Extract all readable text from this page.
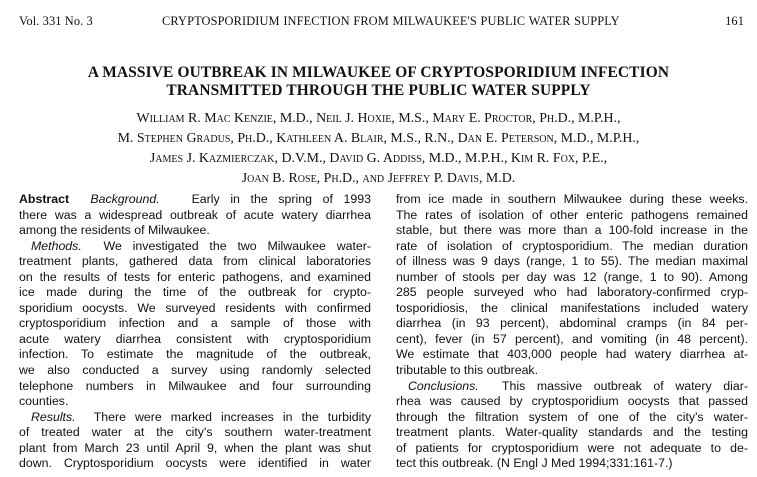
Vol. 331 No. 3	CRYPTOSPORIDIUM INFECTION FROM MILWAUKEE'S PUBLIC WATER SUPPLY	161
A MASSIVE OUTBREAK IN MILWAUKEE OF CRYPTOSPORIDIUM INFECTION
TRANSMITTED THROUGH THE PUBLIC WATER SUPPLY
William R. Mac Kenzie, M.D., Neil J. Hoxie, M.S., Mary E. Proctor, Ph.D., M.P.H.,
M. Stephen Gradus, Ph.D., Kathleen A. Blair, M.S., R.N., Dan E. Peterson, M.D., M.P.H.,
James J. Kazmierczak, D.V.M., David G. Addiss, M.D., M.P.H., Kim R. Fox, P.E.,
Joan B. Rose, Ph.D., and Jeffrey P. Davis, M.D.
Abstract Background.	Early in the spring of 1993
there was a widespread outbreak of acute watery diarrhea
among the residents of Milwaukee.
Methods. We investigated the two Milwaukee water-
treatment plants, gathered data from clinical laboratories
on the results of tests for enteric pathogens, and examined
ice made during the time of the outbreak for crypto-
sporidium oocysts. We surveyed residents with confirmed
cryptosporidium infection and a sample of those with
acute watery diarrhea consistent with cryptosporidium
infection. To estimate the magnitude of the outbreak,
we also conducted a survey using randomly selected
telephone numbers in Milwaukee and four surrounding
counties.
Results. There were marked increases in the turbidity
of treated water at the city's southern water-treatment
plant from March 23 until April 9, when the plant was shut
down. Cryptosporidium oocysts were identified in water
from ice made in southern Milwaukee during these weeks.
The rates of isolation of other enteric pathogens remained
stable, but there was more than a 100-fold increase in the
rate of isolation of cryptosporidium. The median duration
of illness was 9 days (range, 1 to 55). The median maximal
number of stools per day was 12 (range, 1 to 90). Among
285 people surveyed who had laboratory-confirmed cryp-
tosporidiosis, the clinical manifestations included watery
diarrhea (in 93 percent), abdominal cramps (in 84 per-
cent), fever (in 57 percent), and vomiting (in 48 percent).
We estimate that 403,000 people had watery diarrhea at-
tributable to this outbreak.
Conclusions. This massive outbreak of watery diar-
rhea was caused by cryptosporidium oocysts that passed
through the filtration system of one of the city's water-
treatment plants. Water-quality standards and the testing
of patients for cryptosporidium were not adequate to de-
tect this outbreak. (N Engl J Med 1994;331:161-7.)
